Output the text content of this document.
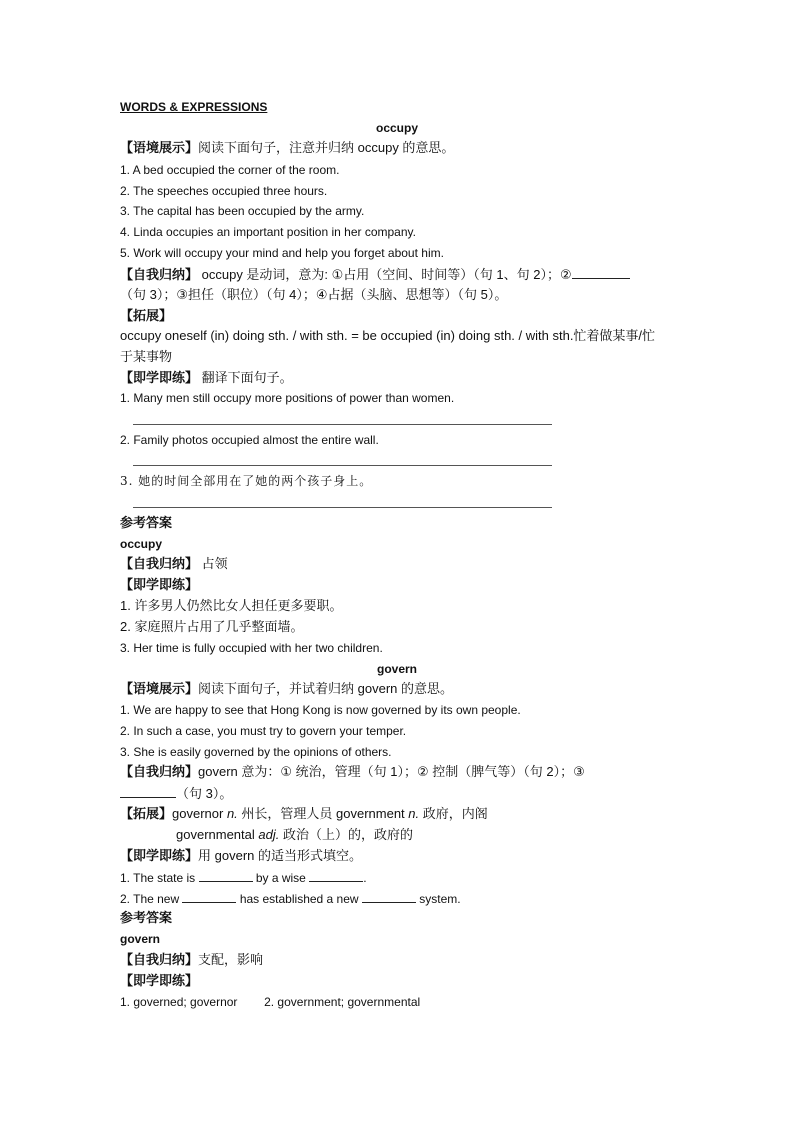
WORDS & EXPRESSIONS
occupy
【语境展示】阅读下面句子，注意并归纳 occupy 的意思。
1. A bed occupied the corner of the room.
2. The speeches occupied three hours.
3. The capital has been occupied by the army.
4. Linda occupies an important position in her company.
5. Work will occupy your mind and help you forget about him.
【自我归纳】 occupy 是动词，意为: ①占用（空间、时间等）（句 1、句 2）；②
（句 3）；③担任（职位）（句 4）；④占据（头脑、思想等）（句 5）。
【拓展】
occupy oneself (in) doing sth. / with sth. = be occupied (in) doing sth. / with sth.忙着做某事/忙
于某事物
【即学即练】 翻译下面句子。
1. Many men still occupy more positions of power than women.
2. Family photos occupied almost the entire wall.
3. 她的时间全部用在了她的两个孩子身上。
参考答案
occupy
【自我归纳】 占领
【即学即练】
1. 许多男人仍然比女人担任更多要职。
2. 家庭照片占用了几乎整面墙。
3. Her time is fully occupied with her two children.
govern
【语境展示】阅读下面句子，并试着归纳 govern 的意思。
1. We are happy to see that Hong Kong is now governed by its own people.
2. In such a case, you must try to govern your temper.
3. She is easily governed by the opinions of others.
【自我归纳】govern 意为：① 统治，管理（句 1）；② 控制（脾气等）（句 2）；③
（句 3）。
【拓展】governor n. 州长，管理人员 government n. 政府，内阁
governmental adj. 政治（上）的，政府的
【即学即练】用 govern 的适当形式填空。
1. The state is	by a wise	.
2. The new	has established a new	system.
参考答案
govern
【自我归纳】支配，影响
【即学即练】
1. governed; governor        2. government; governmental
